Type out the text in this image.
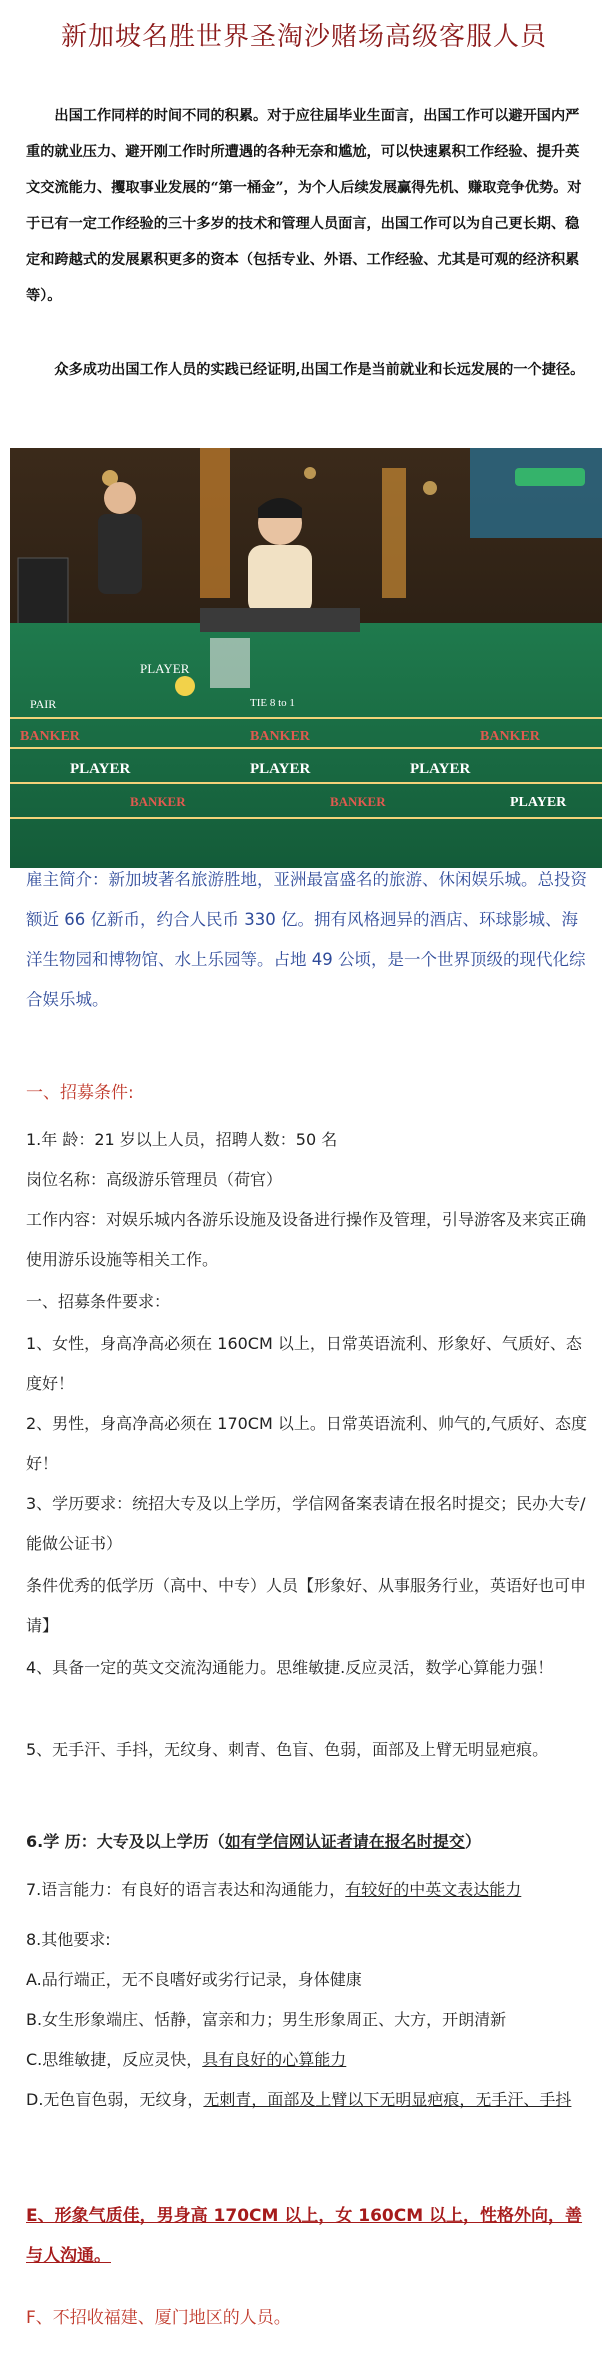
新加坡名胜世界圣淘沙赌场高级客服人员

出国工作同样的时间不同的积累。对于应往届毕业生面言，出国工作可以避开国内严重的就业压力、避开刚工作时所遭遇的各种无奈和尴尬，可以快速累积工作经验、提升英文交流能力、攫取事业发展的“第一桶金”，为个人后续发展赢得先机、赚取竞争优势。对于已有一定工作经验的三十多岁的技术和管理人员面言，出国工作可以为自己更长期、稳定和跨越式的发展累积更多的资本（包括专业、外语、工作经验、尤其是可观的经济积累等）。

众多成功出国工作人员的实践已经证明,出国工作是当前就业和长远发展的一个捷径。

PLAYER
PAIR	TIE 8 to 1
BANKER	BANKER	BANKER
PLAYER	PLAYER	PLAYER
PLAYER
BANKER
BANKER

雇主简介：新加坡著名旅游胜地，亚洲最富盛名的旅游、休闲娱乐城。总投资额近 66 亿新币，约合人民币 330 亿。拥有风格迥异的酒店、环球影城、海洋生物园和博物馆、水上乐园等。占地 49 公顷，是一个世界顶级的现代化综合娱乐城。

一、招募条件:

1.年 龄：21 岁以上人员，招聘人数：50 名

岗位名称：高级游乐管理员（荷官）

工作内容：对娱乐城内各游乐设施及设备进行操作及管理，引导游客及来宾正确使用游乐设施等相关工作。

一、招募条件要求：

1、女性，身高净高必须在 160CM 以上，日常英语流利、形象好、气质好、态度好！

2、男性，身高净高必须在 170CM 以上。日常英语流利、帅气的,气质好、态度好！

3、学历要求：统招大专及以上学历，学信网备案表请在报名时提交；民办大专/能做公证书）

条件优秀的低学历（高中、中专）人员【形象好、从事服务行业，英语好也可申请】

4、具备一定的英文交流沟通能力。思维敏捷.反应灵活，数学心算能力强！

5、无手汗、手抖，无纹身、刺青、色盲、色弱，面部及上臂无明显疤痕。

6.学 历：大专及以上学历（如有学信网认证者请在报名时提交）

7.语言能力：有良好的语言表达和沟通能力，有较好的中英文表达能力

8.其他要求:

A.品行端正，无不良嗜好或劣行记录，身体健康

B.女生形象端庄、恬静，富亲和力；男生形象周正、大方，开朗清新

C.思维敏捷，反应灵快，具有良好的心算能力

D.无色盲色弱，无纹身，无刺青，面部及上臂以下无明显疤痕，无手汗、手抖

E、形象气质佳，男身高 170CM 以上，女 160CM 以上，性格外向，善与人沟通。

F、不招收福建、厦门地区的人员。
